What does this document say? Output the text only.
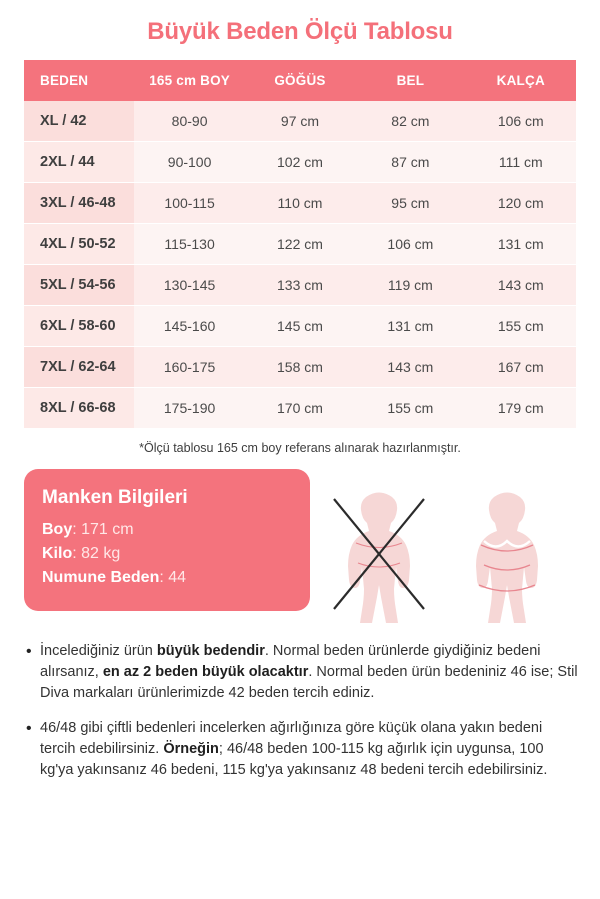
Büyük Beden Ölçü Tablosu
BEDEN	165 cm BOY	GÖĞÜS	BEL	KALÇA
XL / 42	80-90	97 cm	82 cm	106 cm
2XL / 44	90-100	102 cm	87 cm	111 cm
3XL / 46-48	100-115	110 cm	95 cm	120 cm
4XL / 50-52	115-130	122 cm	106 cm	131 cm
5XL / 54-56	130-145	133 cm	119 cm	143 cm
6XL / 58-60	145-160	145 cm	131 cm	155 cm
7XL / 62-64	160-175	158 cm	143 cm	167 cm
8XL / 66-68	175-190	170 cm	155 cm	179 cm
*Ölçü tablosu 165 cm boy referans alınarak hazırlanmıştır.
Manken Bilgileri
Boy: 171 cm
Kilo: 82 kg
Numune Beden: 44
• İncelediğiniz ürün büyük bedendir. Normal beden ürünlerde giydiğiniz bedeni alırsanız, en az 2 beden büyük olacaktır. Normal beden ürün bedeniniz 46 ise; Stil Diva markaları ürünlerimizde 42 beden tercih ediniz.

• 46/48 gibi çiftli bedenleri incelerken ağırlığınıza göre küçük olana yakın bedeni tercih edebilirsiniz. Örneğin; 46/48 beden 100-115 kg ağırlık için uygunsa, 100 kg'ya yakınsanız 46 bedeni, 115 kg'ya yakınsanız 48 bedeni tercih edebilirsiniz.
